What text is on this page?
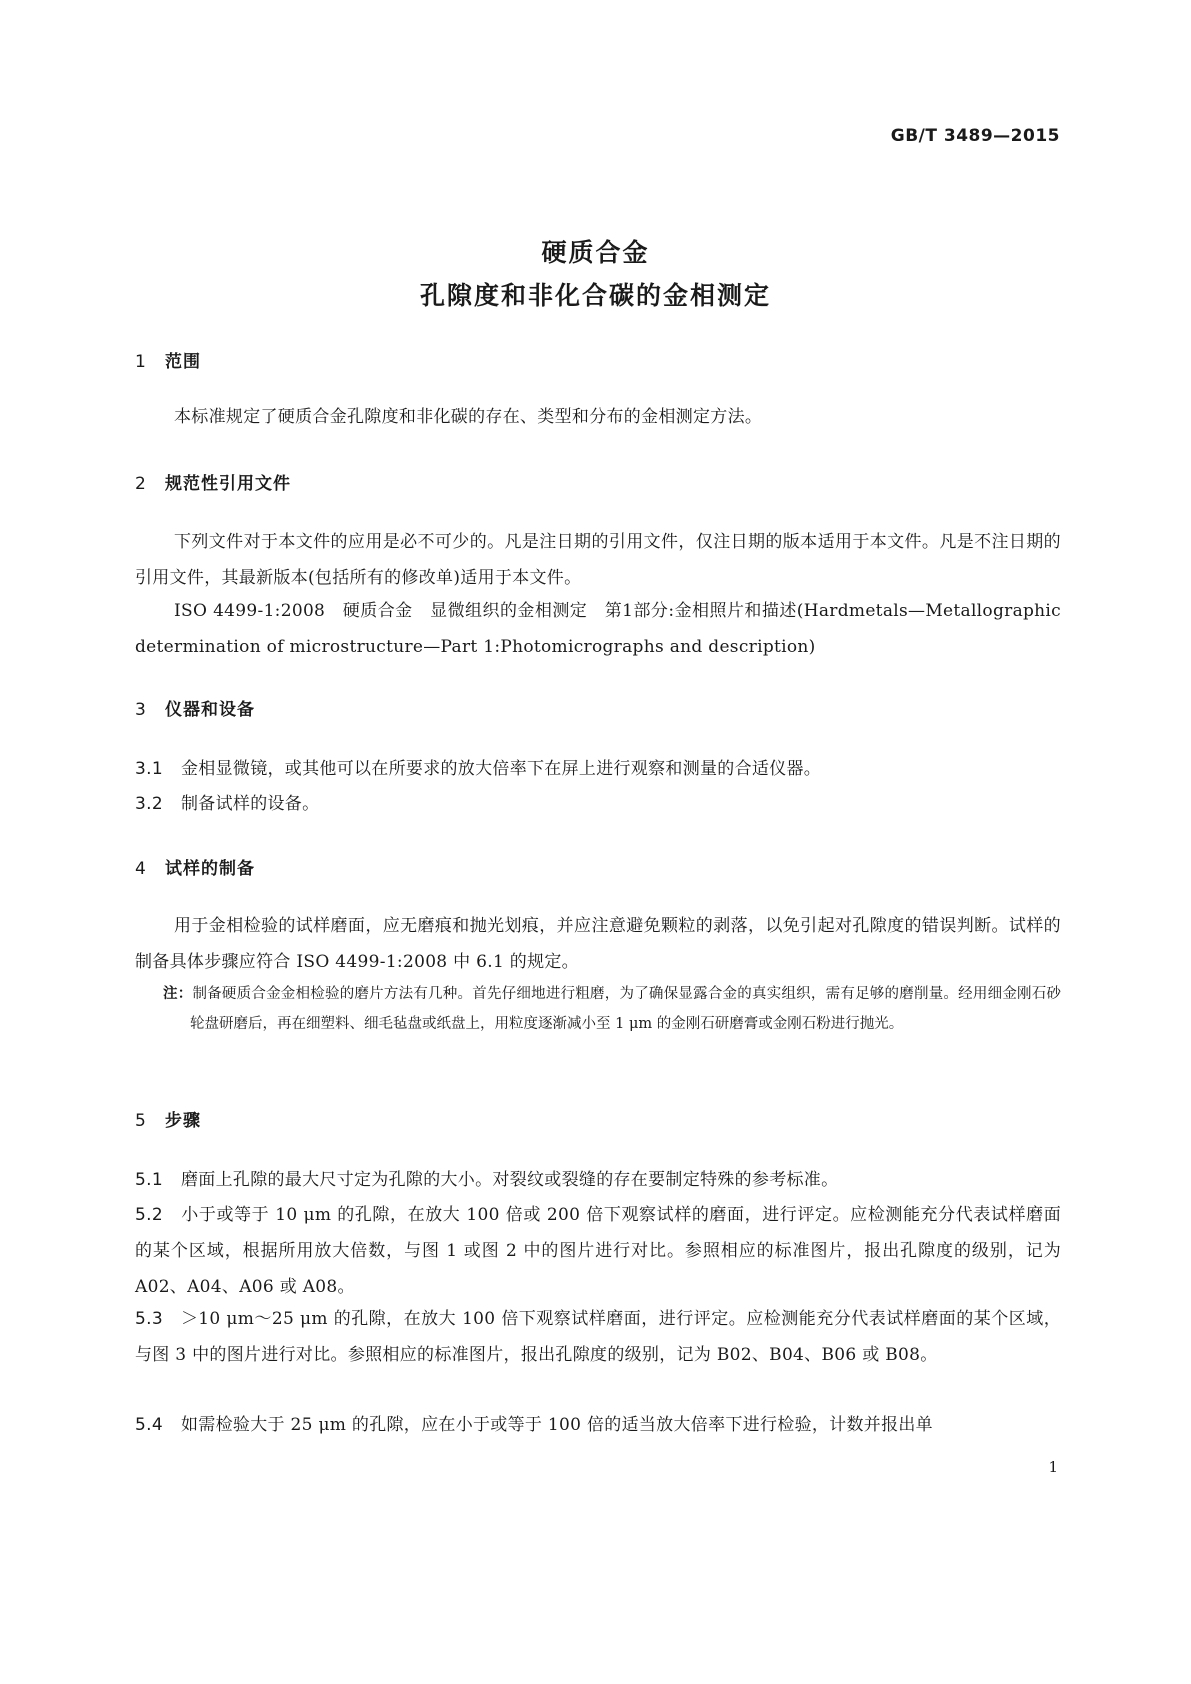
GB/T 3489—2015
硬质合金
孔隙度和非化合碳的金相测定
1 范围
本标准规定了硬质合金孔隙度和非化碳的存在、类型和分布的金相测定方法。
2 规范性引用文件
下列文件对于本文件的应用是必不可少的。凡是注日期的引用文件，仅注日期的版本适用于本文件。凡是不注日期的引用文件，其最新版本(包括所有的修改单)适用于本文件。
ISO 4499-1:2008　硬质合金　显微组织的金相测定　第1部分:金相照片和描述(Hardmetals—Metallographic determination of microstructure—Part 1:Photomicrographs and description)
3 仪器和设备
3.1 金相显微镜，或其他可以在所要求的放大倍率下在屏上进行观察和测量的合适仪器。
3.2 制备试样的设备。
4 试样的制备
用于金相检验的试样磨面，应无磨痕和抛光划痕，并应注意避免颗粒的剥落，以免引起对孔隙度的错误判断。试样的制备具体步骤应符合 ISO 4499-1:2008 中 6.1 的规定。
注：制备硬质合金金相检验的磨片方法有几种。首先仔细地进行粗磨，为了确保显露合金的真实组织，需有足够的磨削量。经用细金刚石砂轮盘研磨后，再在细塑料、细毛毡盘或纸盘上，用粒度逐渐减小至 1 μm 的金刚石研磨膏或金刚石粉进行抛光。
5 步骤
5.1 磨面上孔隙的最大尺寸定为孔隙的大小。对裂纹或裂缝的存在要制定特殊的参考标准。
5.2 小于或等于 10 μm 的孔隙，在放大 100 倍或 200 倍下观察试样的磨面，进行评定。应检测能充分代表试样磨面的某个区域，根据所用放大倍数，与图 1 或图 2 中的图片进行对比。参照相应的标准图片，报出孔隙度的级别，记为 A02、A04、A06 或 A08。
5.3 ＞10 μm～25 μm 的孔隙，在放大 100 倍下观察试样磨面，进行评定。应检测能充分代表试样磨面的某个区域，与图 3 中的图片进行对比。参照相应的标准图片，报出孔隙度的级别，记为 B02、B04、B06 或 B08。
5.4 如需检验大于 25 μm 的孔隙，应在小于或等于 100 倍的适当放大倍率下进行检验，计数并报出单
1
